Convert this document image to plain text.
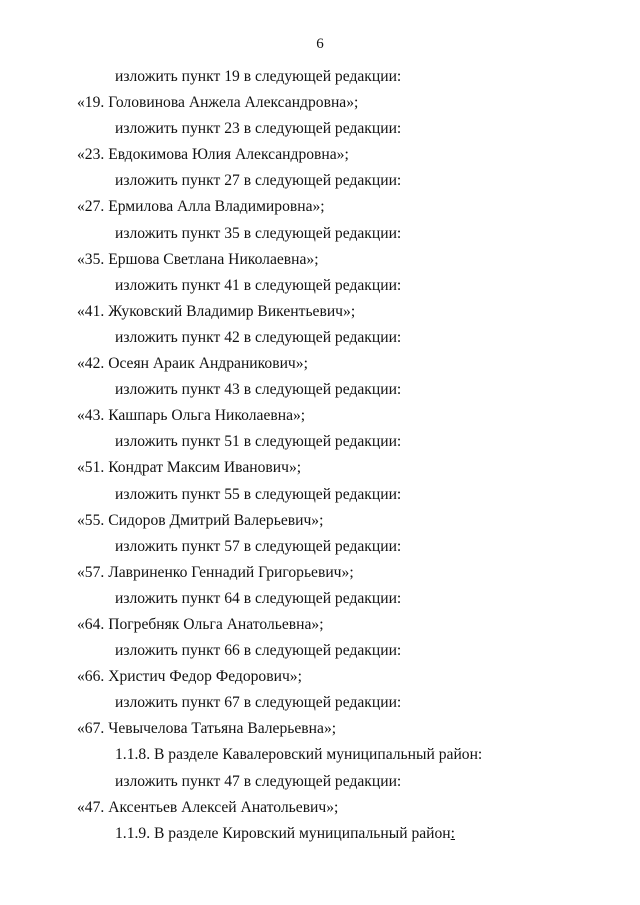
6
изложить пункт 19 в следующей редакции:
«19. Головинова Анжела Александровна»;
изложить пункт 23 в следующей редакции:
«23. Евдокимова Юлия Александровна»;
изложить пункт 27 в следующей редакции:
«27. Ермилова Алла Владимировна»;
изложить пункт 35 в следующей редакции:
«35. Ершова Светлана Николаевна»;
изложить пункт 41 в следующей редакции:
«41. Жуковский Владимир Викентьевич»;
изложить пункт 42 в следующей редакции:
«42. Осеян Араик Андраникович»;
изложить пункт 43 в следующей редакции:
«43. Кашпарь Ольга Николаевна»;
изложить пункт 51 в следующей редакции:
«51. Кондрат Максим Иванович»;
изложить пункт 55 в следующей редакции:
«55. Сидоров Дмитрий Валерьевич»;
изложить пункт 57 в следующей редакции:
«57. Лавриненко Геннадий Григорьевич»;
изложить пункт 64 в следующей редакции:
«64. Погребняк Ольга Анатольевна»;
изложить пункт 66 в следующей редакции:
«66. Христич Федор Федорович»;
изложить пункт 67 в следующей редакции:
«67. Чевычелова Татьяна Валерьевна»;
1.1.8. В разделе Кавалеровский муниципальный район:
изложить пункт 47 в следующей редакции:
«47. Аксентьев Алексей Анатольевич»;
1.1.9. В разделе Кировский муниципальный район:
